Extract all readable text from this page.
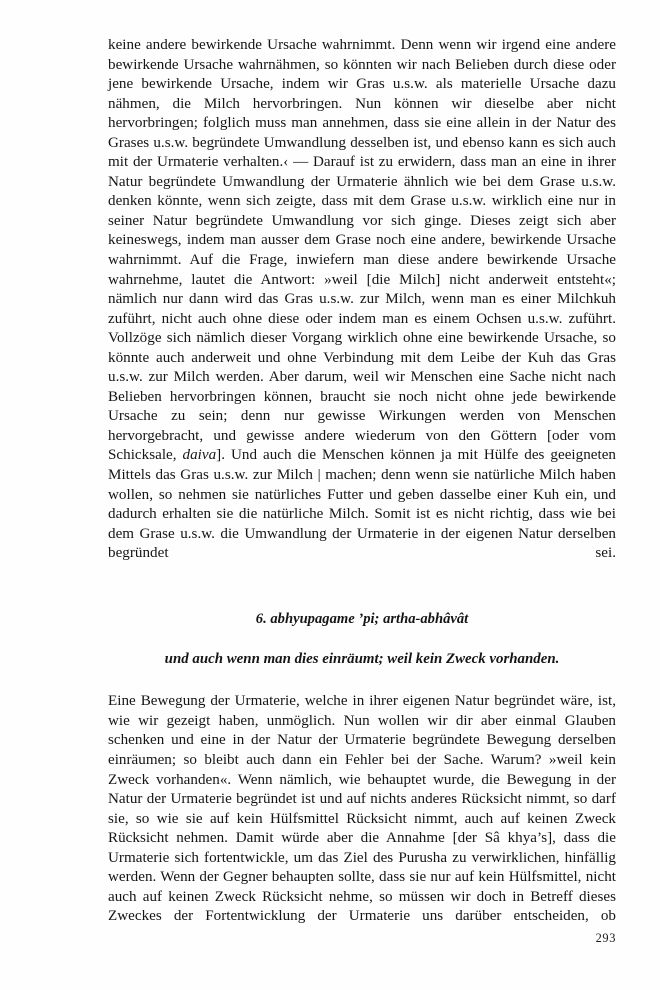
keine andere bewirkende Ursache wahrnimmt. Denn wenn wir irgend eine andere bewirkende Ursache wahrnähmen, so könnten wir nach Belieben durch diese oder jene bewirkende Ursache, indem wir Gras u.s.w. als materielle Ursache dazu nähmen, die Milch hervorbringen. Nun können wir dieselbe aber nicht hervorbringen; folglich muss man annehmen, dass sie eine allein in der Natur des Grases u.s.w. begründete Umwandlung desselben ist, und ebenso kann es sich auch mit der Urmaterie verhalten.‹ — Darauf ist zu erwidern, dass man an eine in ihrer Natur begründete Umwandlung der Urmaterie ähnlich wie bei dem Grase u.s.w. denken könnte, wenn sich zeigte, dass mit dem Grase u.s.w. wirklich eine nur in seiner Natur begründete Umwandlung vor sich ginge. Dieses zeigt sich aber keineswegs, indem man ausser dem Grase noch eine andere, bewirkende Ursache wahrnimmt. Auf die Frage, inwiefern man diese andere bewirkende Ursache wahrnehme, lautet die Antwort: »weil [die Milch] nicht anderweit entsteht«; nämlich nur dann wird das Gras u.s.w. zur Milch, wenn man es einer Milchkuh zuführt, nicht auch ohne diese oder indem man es einem Ochsen u.s.w. zuführt. Vollzöge sich nämlich dieser Vorgang wirklich ohne eine bewirkende Ursache, so könnte auch anderweit und ohne Verbindung mit dem Leibe der Kuh das Gras u.s.w. zur Milch werden. Aber darum, weil wir Menschen eine Sache nicht nach Belieben hervorbringen können, braucht sie noch nicht ohne jede bewirkende Ursache zu sein; denn nur gewisse Wirkungen werden von Menschen hervorgebracht, und gewisse andere wiederum von den Göttern [oder vom Schicksale, daiva]. Und auch die Menschen können ja mit Hülfe des geeigneten Mittels das Gras u.s.w. zur Milch | machen; denn wenn sie natürliche Milch haben wollen, so nehmen sie natürliches Futter und geben dasselbe einer Kuh ein, und dadurch erhalten sie die natürliche Milch. Somit ist es nicht richtig, dass wie bei dem Grase u.s.w. die Umwandlung der Urmaterie in der eigenen Natur derselben begründet sei.

6. abhyupagame ’pi; artha-abhâvât

und auch wenn man dies einräumt; weil kein Zweck vorhanden.

Eine Bewegung der Urmaterie, welche in ihrer eigenen Natur begründet wäre, ist, wie wir gezeigt haben, unmöglich. Nun wollen wir dir aber einmal Glauben schenken und eine in der Natur der Urmaterie begründete Bewegung derselben einräumen; so bleibt auch dann ein Fehler bei der Sache. Warum? »weil kein Zweck vorhanden«. Wenn nämlich, wie behauptet wurde, die Bewegung in der Natur der Urmaterie begründet ist und auf nichts anderes Rücksicht nimmt, so darf sie, so wie sie auf kein Hülfsmittel Rücksicht nimmt, auch auf keinen Zweck Rücksicht nehmen. Damit würde aber die Annahme [der Sâ khya’s], dass die Urmaterie sich fortentwickle, um das Ziel des Purusha zu verwirklichen, hinfällig werden. Wenn der Gegner behaupten sollte, dass sie nur auf kein Hülfsmittel, nicht auch auf keinen Zweck Rücksicht nehme, so müssen wir doch in Betreff dieses Zweckes der Fortentwicklung der Urmaterie uns darüber entscheiden, ob

293
